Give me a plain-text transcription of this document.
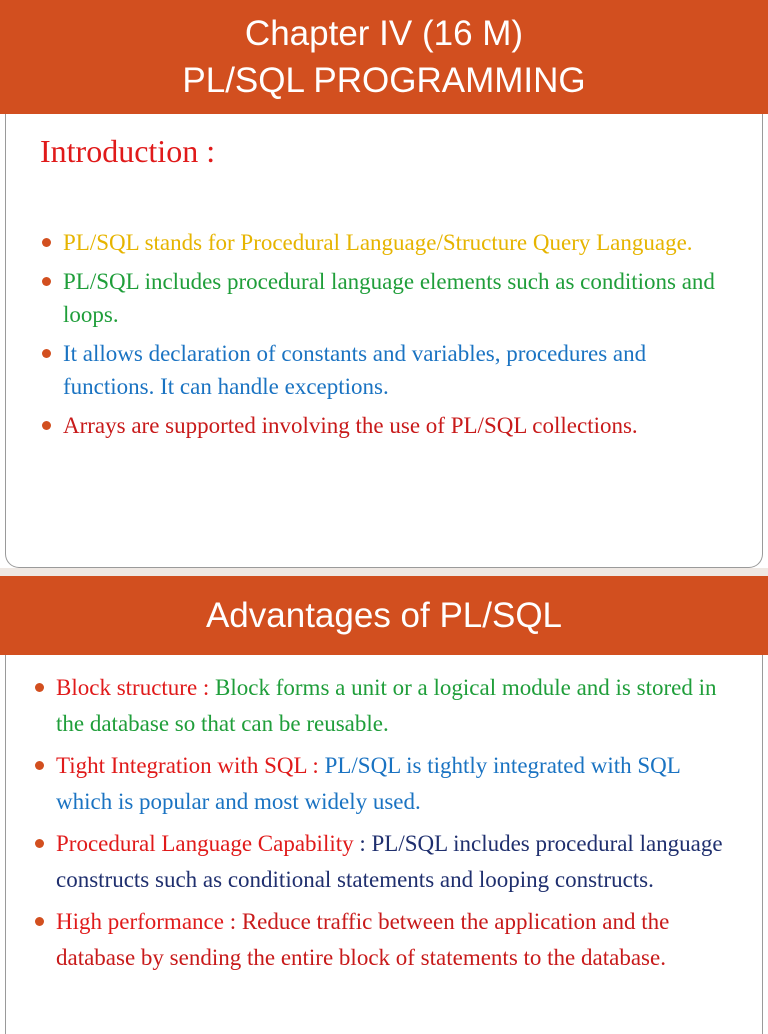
Chapter IV (16 M)
PL/SQL PROGRAMMING
Introduction :
PL/SQL stands for Procedural Language/Structure Query Language.
PL/SQL includes procedural language elements such as conditions and loops.
It allows declaration of constants and variables, procedures and functions. It can handle exceptions.
Arrays are supported involving the use of PL/SQL collections.
Advantages of PL/SQL
Block structure : Block forms a unit or a logical module and is stored in the database so that can be reusable.
Tight Integration with SQL : PL/SQL is tightly integrated with SQL which is popular and most widely used.
Procedural Language Capability : PL/SQL includes procedural language constructs such as conditional statements and looping constructs.
High performance : Reduce traffic between the application and the database by sending the entire block of statements to the database.
